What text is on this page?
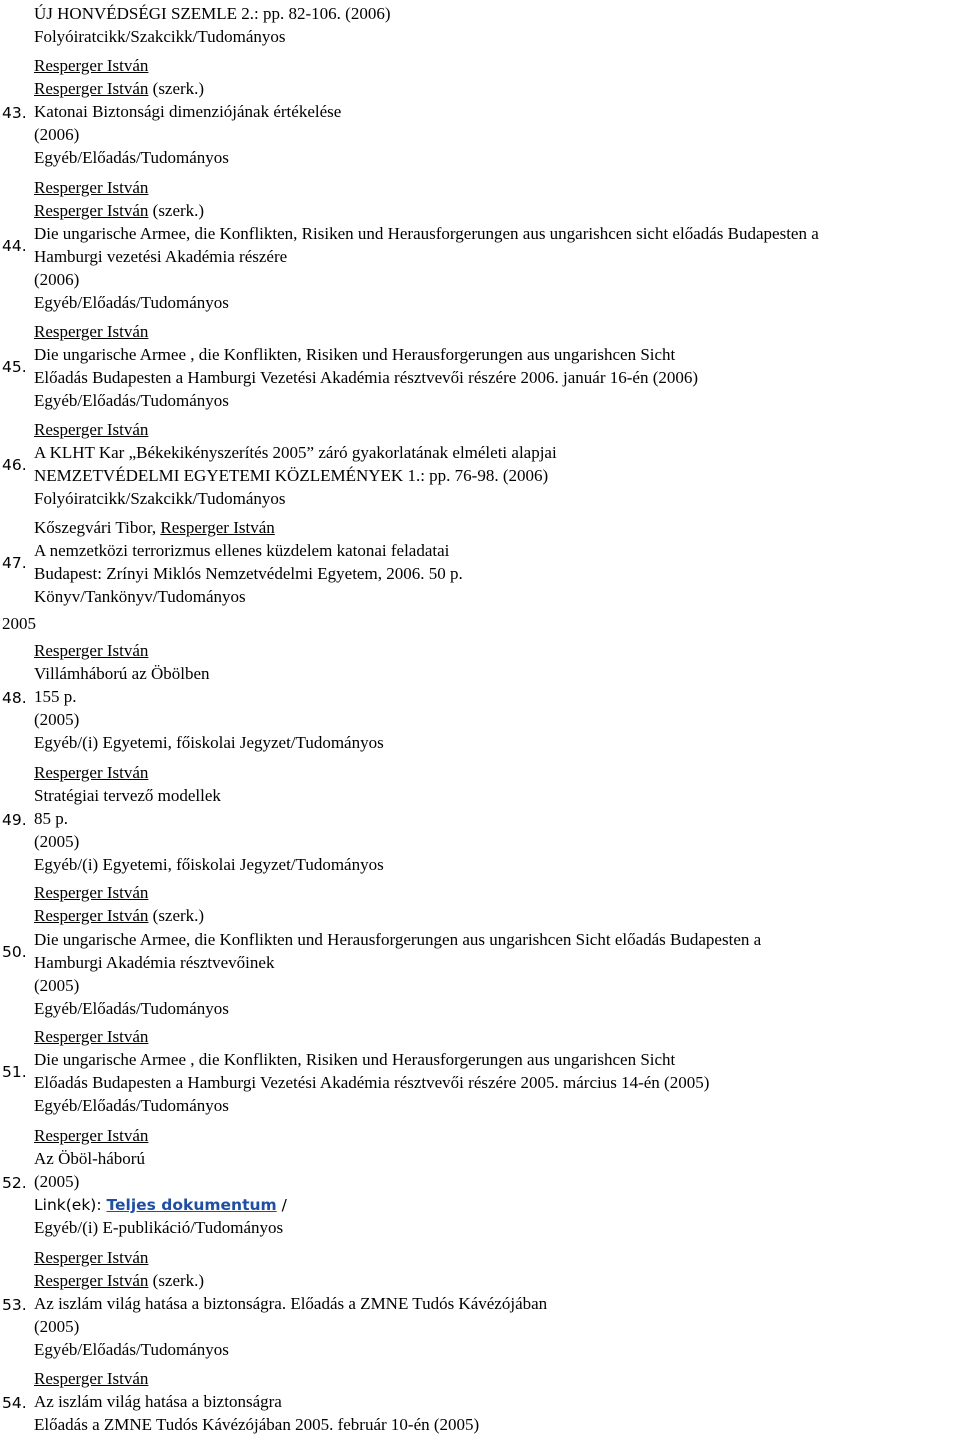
ÚJ HONVÉDSÉGI SZEMLE 2.: pp. 82-106. (2006)
Folyóiratcikk/Szakcikk/Tudományos
Resperger István
Resperger István (szerk.)
43. Katonai Biztonsági dimenziójának értékelése
(2006)
Egyéb/Előadás/Tudományos
Resperger István
Resperger István (szerk.)
Die ungarische Armee, die Konflikten, Risiken und Herausforgerungen aus ungarishcen sicht előadás Budapesten a
44.
Hamburgi vezetési Akadémia részére
(2006)
Egyéb/Előadás/Tudományos
Resperger István
Die ungarische Armee , die Konflikten, Risiken und Herausforgerungen aus ungarishcen Sicht
45.
Előadás Budapesten a Hamburgi Vezetési Akadémia résztvevői részére 2006. január 16-én (2006)
Egyéb/Előadás/Tudományos
Resperger István
A KLHT Kar „Békekikényszerítés 2005” záró gyakorlatának elméleti alapjai
46.
NEMZETVÉDELMI EGYETEMI KÖZLEMÉNYEK 1.: pp. 76-98. (2006)
Folyóiratcikk/Szakcikk/Tudományos
Kőszegvári Tibor, Resperger István
A nemzetközi terrorizmus ellenes küzdelem katonai feladatai
47.
Budapest: Zrínyi Miklós Nemzetvédelmi Egyetem, 2006. 50 p.
Könyv/Tankönyv/Tudományos
2005
Resperger István
Villámháború az Öbölben
48. 155 p.
(2005)
Egyéb/(i) Egyetemi, főiskolai Jegyzet/Tudományos
Resperger István
Stratégiai tervező modellek
49. 85 p.
(2005)
Egyéb/(i) Egyetemi, főiskolai Jegyzet/Tudományos
Resperger István
Resperger István (szerk.)
Die ungarische Armee, die Konflikten und Herausforgerungen aus ungarishcen Sicht előadás Budapesten a
50.
Hamburgi Akadémia résztvevőinek
(2005)
Egyéb/Előadás/Tudományos
Resperger István
Die ungarische Armee , die Konflikten, Risiken und Herausforgerungen aus ungarishcen Sicht
51.
Előadás Budapesten a Hamburgi Vezetési Akadémia résztvevői részére 2005. március 14-én (2005)
Egyéb/Előadás/Tudományos
Resperger István
Az Öböl-háború
52. (2005)
Link(ek): Teljes dokumentum /
Egyéb/(i) E-publikáció/Tudományos
Resperger István
Resperger István (szerk.)
53. Az iszlám világ hatása a biztonságra. Előadás a ZMNE Tudós Kávézójában
(2005)
Egyéb/Előadás/Tudományos
Resperger István
54. Az iszlám világ hatása a biztonságra
Előadás a ZMNE Tudós Kávézójában 2005. február 10-én (2005)
